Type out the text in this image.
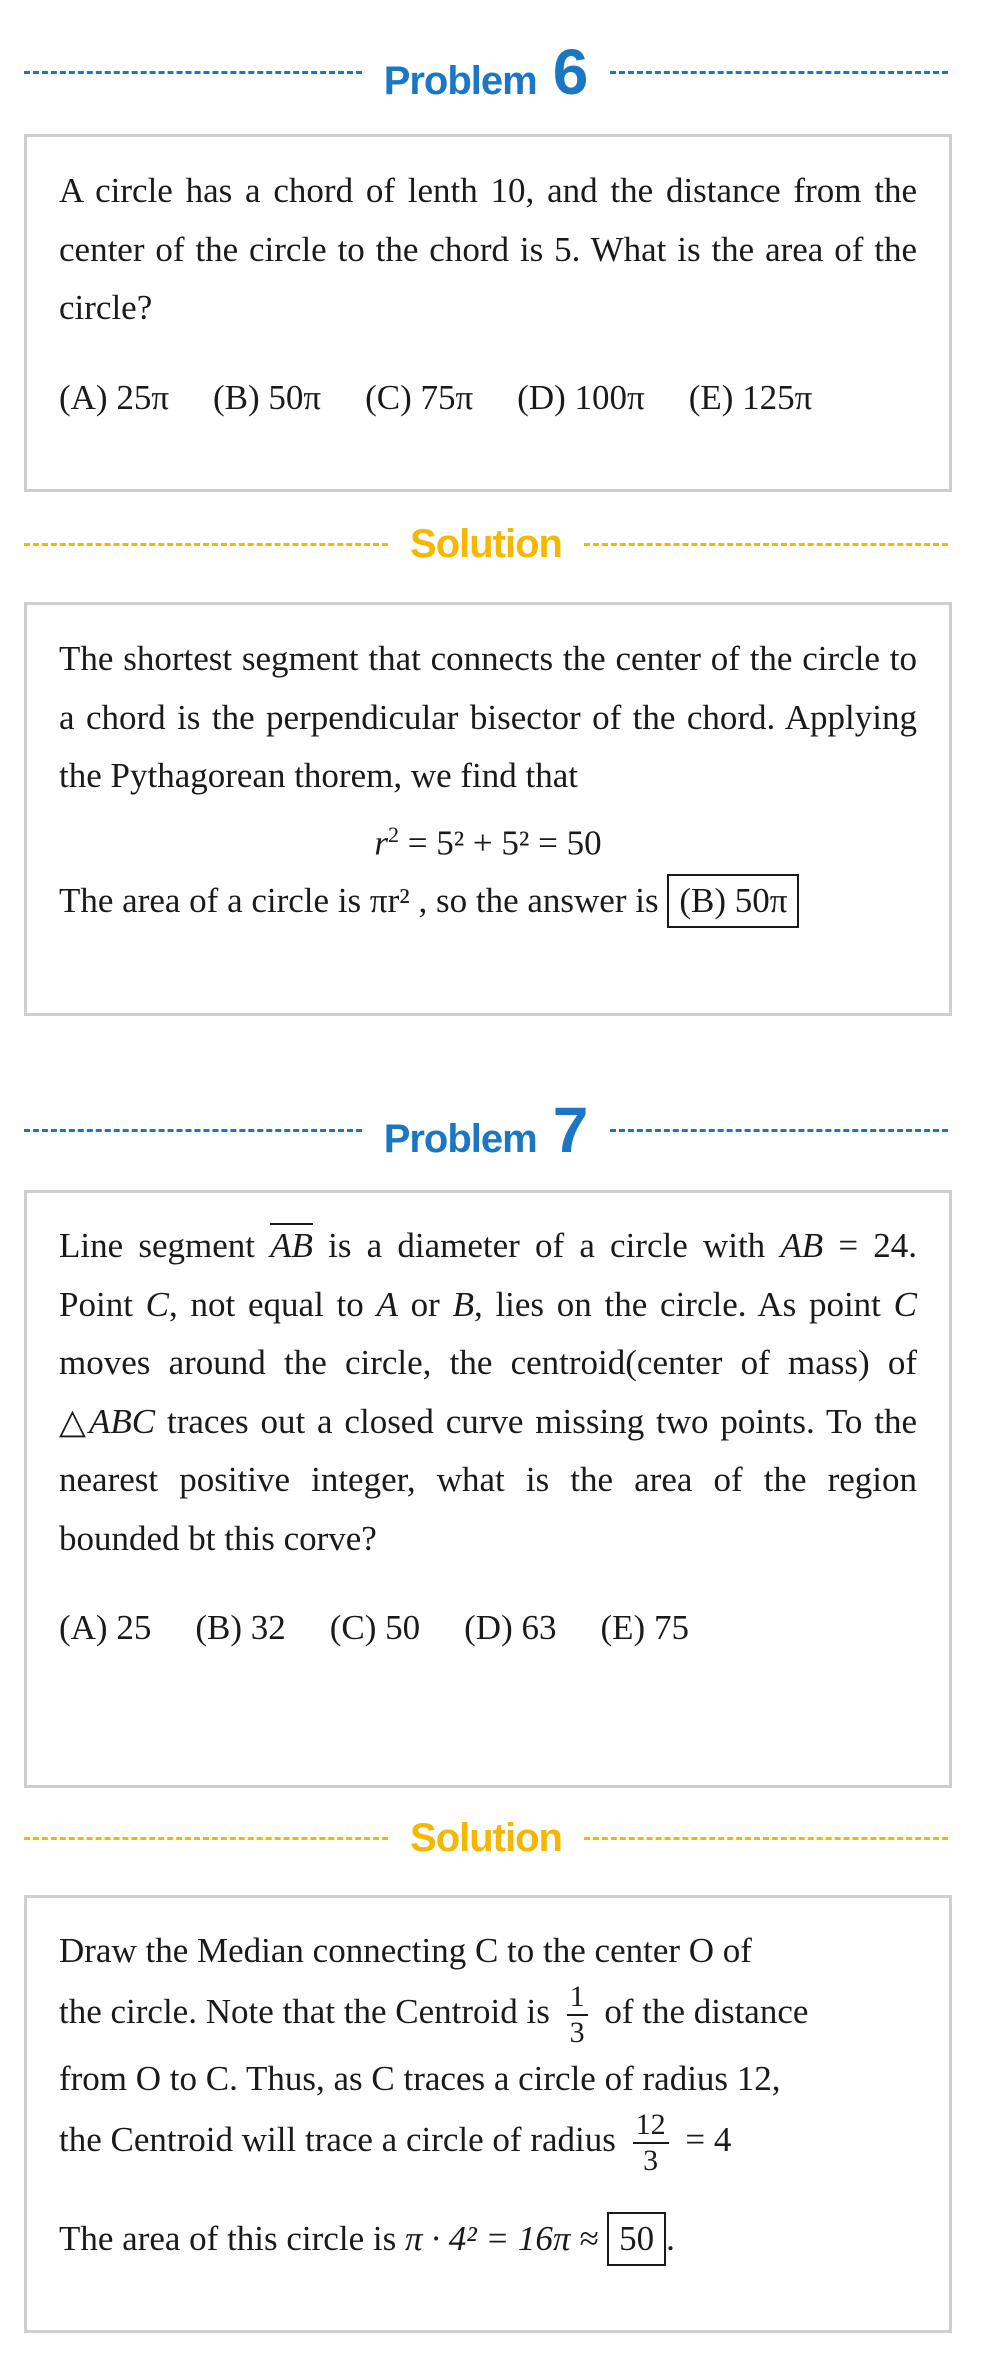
Problem 6

A circle has a chord of lenth 10, and the distance from the center of the circle to the chord is 5. What is the area of the circle?

(A) 25π (B) 50π (C) 75π (D) 100π (E) 125π
Solution

The shortest segment that connects the center of the circle to a chord is the perpendicular bisector of the chord. Applying the Pythagorean thorem, we find that

$r^2 = 5^2 + 5^2 = 50$
The area of a circle is πr² , so the answer is (B) 50π
Problem 7

Line segment AB is a diameter of a circle with AB = 24. Point C, not equal to A or B, lies on the circle. As point C moves around the circle, the centroid(center of mass) of △ABC traces out a closed curve missing two points. To the nearest positive integer, what is the area of the region bounded bt this corve?

(A) 25 (B) 32 (C) 50 (D) 63 (E) 75
Solution
Draw the Median connecting C to the center O of
the circle. Note that the Centroid is $\frac{1}{3}$ of the distance
from O to C. Thus, as C traces a circle of radius 12,
the Centroid will trace a circle of radius $\frac{12}{3} = 4$
The area of this circle is π · 4² = 16π ≈ 50 .
